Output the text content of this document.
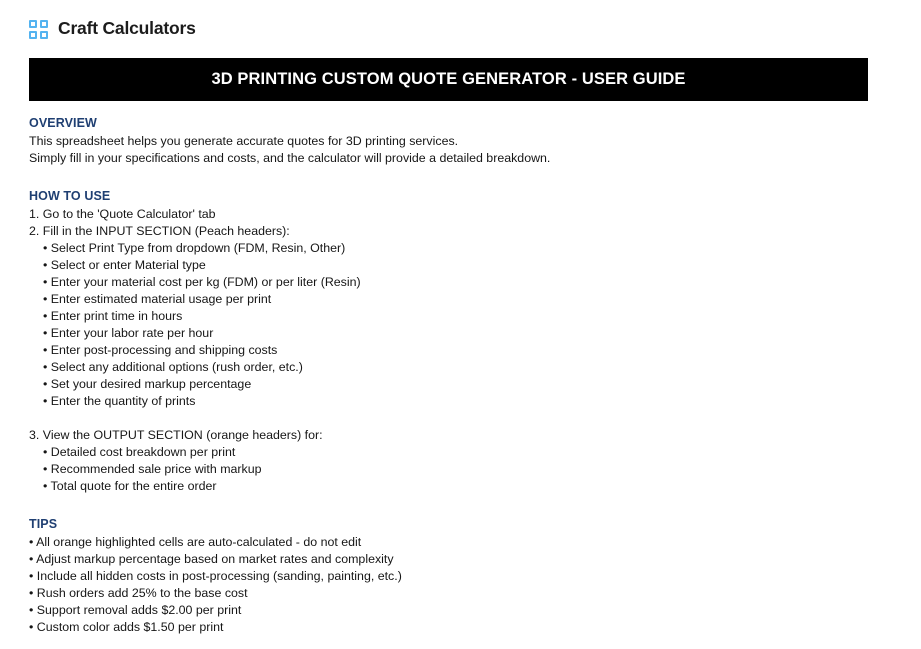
Craft Calculators
3D PRINTING CUSTOM QUOTE GENERATOR - USER GUIDE
OVERVIEW
This spreadsheet helps you generate accurate quotes for 3D printing services.
Simply fill in your specifications and costs, and the calculator will provide a detailed breakdown.
HOW TO USE
1. Go to the 'Quote Calculator' tab
2. Fill in the INPUT SECTION (Peach headers):
• Select Print Type from dropdown (FDM, Resin, Other)
• Select or enter Material type
• Enter your material cost per kg (FDM) or per liter (Resin)
• Enter estimated material usage per print
• Enter print time in hours
• Enter your labor rate per hour
• Enter post-processing and shipping costs
• Select any additional options (rush order, etc.)
• Set your desired markup percentage
• Enter the quantity of prints
3. View the OUTPUT SECTION (orange headers) for:
• Detailed cost breakdown per print
• Recommended sale price with markup
• Total quote for the entire order
TIPS
• All orange highlighted cells are auto-calculated - do not edit
• Adjust markup percentage based on market rates and complexity
• Include all hidden costs in post-processing (sanding, painting, etc.)
• Rush orders add 25% to the base cost
• Support removal adds $2.00 per print
• Custom color adds $1.50 per print
